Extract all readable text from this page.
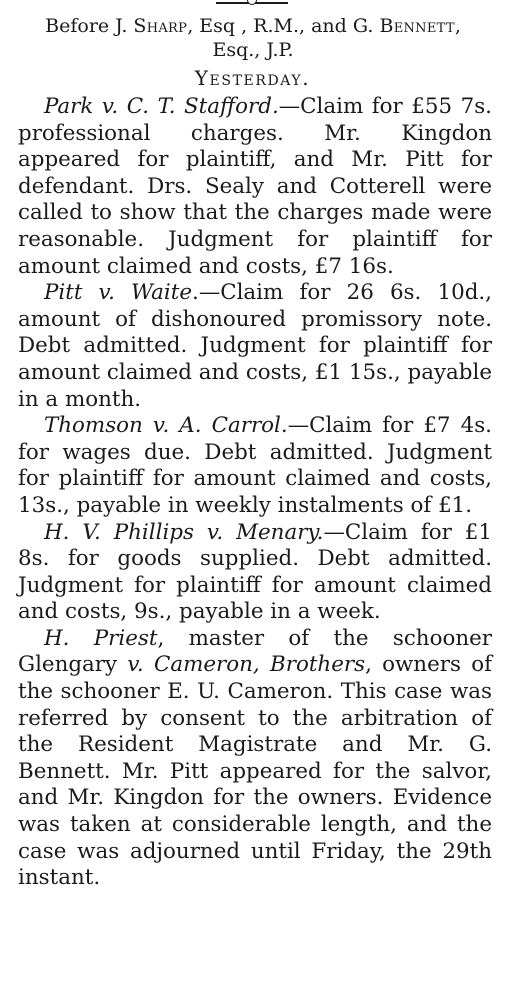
Before J. Sharp, Esq , R.M., and G. Bennett,
Esq., J.P.
Yesterday.

Park v. C. T. Stafford.—Claim for £55 7s. professional charges. Mr. Kingdon appeared for plaintiff, and Mr. Pitt for defendant. Drs. Sealy and Cotterell were called to show that the charges made were reasonable. Judgment for plaintiff for amount claimed and costs, £7 16s.

Pitt v. Waite.—Claim for 26 6s. 10d., amount of dishonoured promissory note. Debt admitted. Judgment for plaintiff for amount claimed and costs, £1 15s., payable in a month.

Thomson v. A. Carrol.—Claim for £7 4s. for wages due. Debt admitted. Judgment for plaintiff for amount claimed and costs, 13s., payable in weekly instalments of £1.

H. V. Phillips v. Menary.—Claim for £1 8s. for goods supplied. Debt admitted. Judgment for plaintiff for amount claimed and costs, 9s., payable in a week.

H. Priest, master of the schooner Glengary v. Cameron, Brothers, owners of the schooner E. U. Cameron. This case was referred by consent to the arbitration of the Resident Magistrate and Mr. G. Bennett. Mr. Pitt appeared for the salvor, and Mr. Kingdon for the owners. Evidence was taken at considerable length, and the case was adjourned until Friday, the 29th instant.
